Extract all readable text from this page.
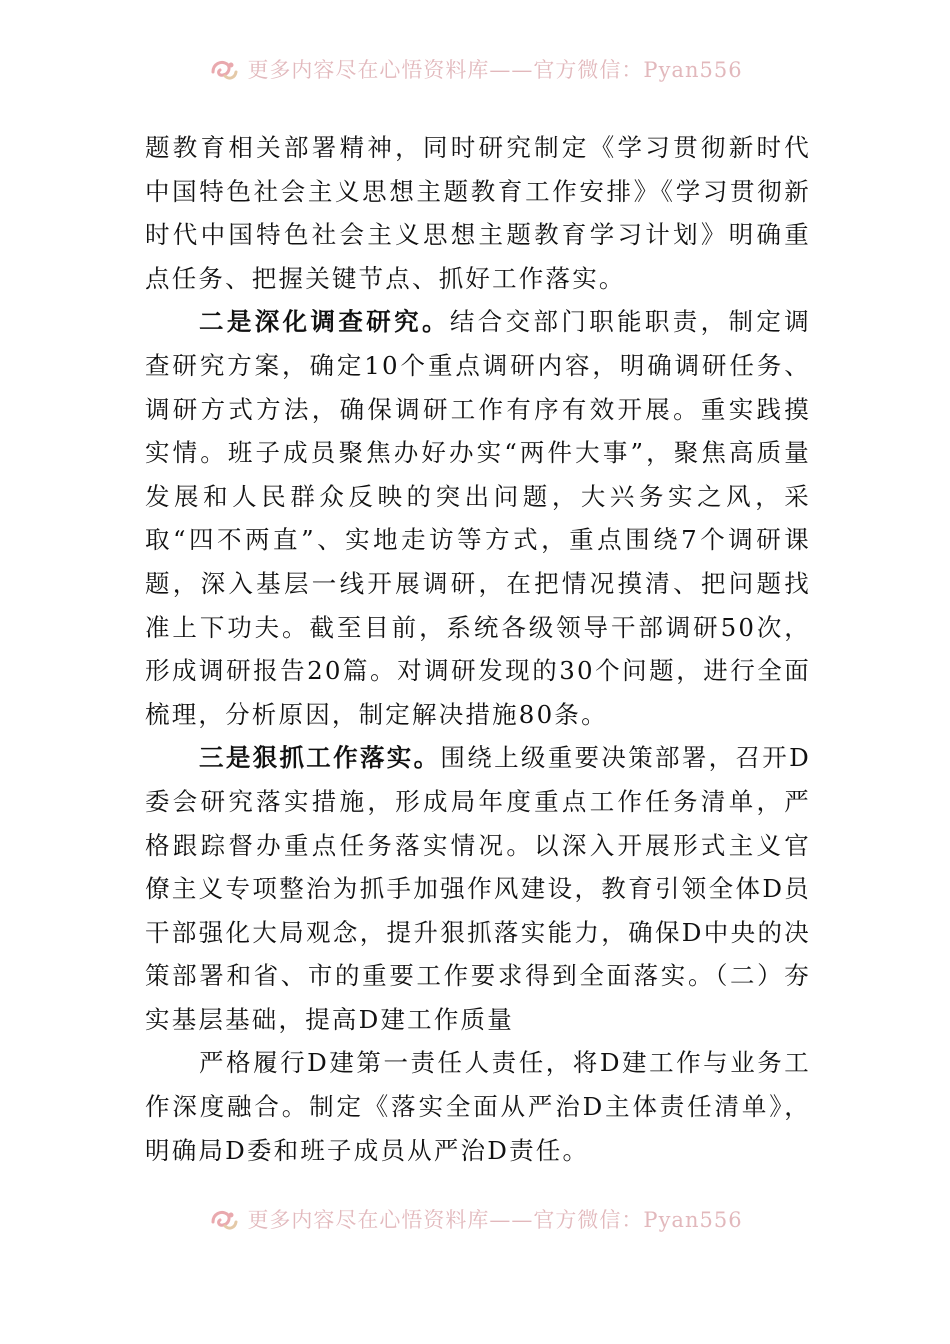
更多内容尽在心悟资料库——官方微信：Pyan556

题教育相关部署精神，同时研究制定《学习贯彻新时代中国特色社会主义思想主题教育工作安排》《学习贯彻新时代中国特色社会主义思想主题教育学习计划》明确重点任务、把握关键节点、抓好工作落实。

二是深化调查研究。结合交部门职能职责，制定调查研究方案，确定10个重点调研内容，明确调研任务、调研方式方法，确保调研工作有序有效开展。重实践摸实情。班子成员聚焦办好办实“两件大事”，聚焦高质量发展和人民群众反映的突出问题，大兴务实之风，采取“四不两直”、实地走访等方式，重点围绕7个调研课题，深入基层一线开展调研，在把情况摸清、把问题找准上下功夫。截至目前，系统各级领导干部调研50次，形成调研报告20篇。对调研发现的30个问题，进行全面梳理，分析原因，制定解决措施80条。

三是狠抓工作落实。围绕上级重要决策部署，召开D委会研究落实措施，形成局年度重点工作任务清单，严格跟踪督办重点任务落实情况。以深入开展形式主义官僚主义专项整治为抓手加强作风建设，教育引领全体D员干部强化大局观念，提升狠抓落实能力，确保D中央的决策部署和省、市的重要工作要求得到全面落实。（二）夯实基层基础，提高D建工作质量

严格履行D建第一责任人责任，将D建工作与业务工作深度融合。制定《落实全面从严治D主体责任清单》，明确局D委和班子成员从严治D责任。

更多内容尽在心悟资料库——官方微信：Pyan556
